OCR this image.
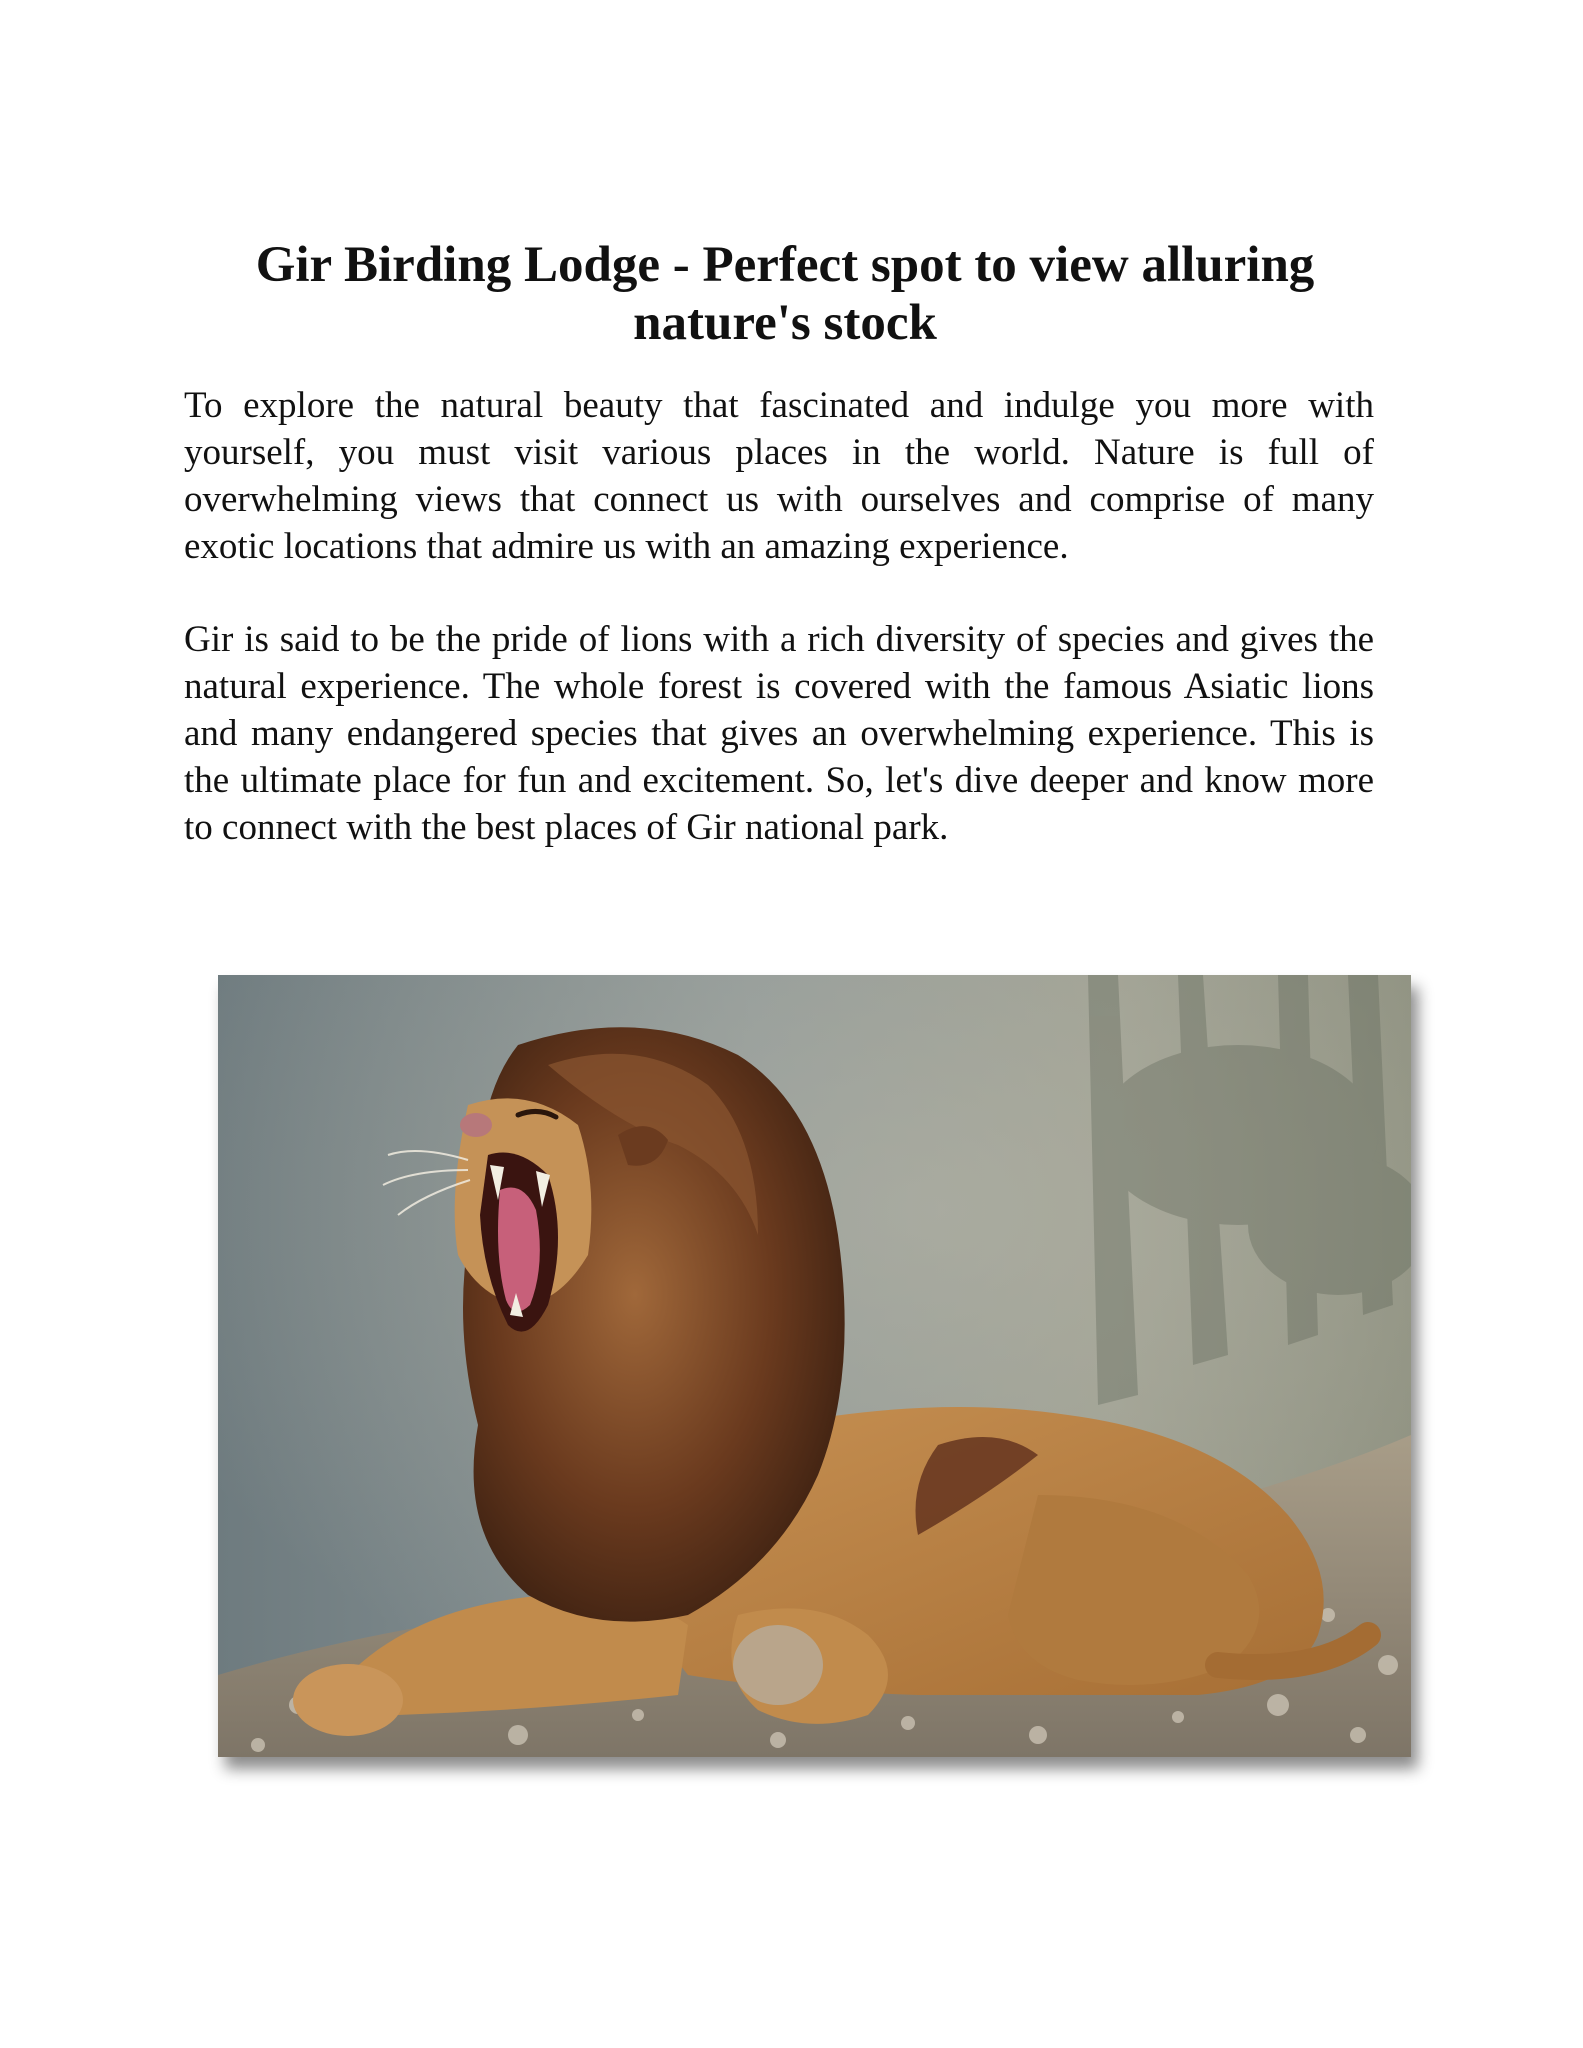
Gir Birding Lodge - Perfect spot to view alluring nature's stock

To explore the natural beauty that fascinated and indulge you more with yourself, you must visit various places in the world. Nature is full of overwhelming views that connect us with ourselves and comprise of many exotic locations that admire us with an amazing experience.

Gir is said to be the pride of lions with a rich diversity of species and gives the natural experience. The whole forest is covered with the famous Asiatic lions and many endangered species that gives an overwhelming experience. This is the ultimate place for fun and excitement. So, let's dive deeper and know more to connect with the best places of Gir national park.
